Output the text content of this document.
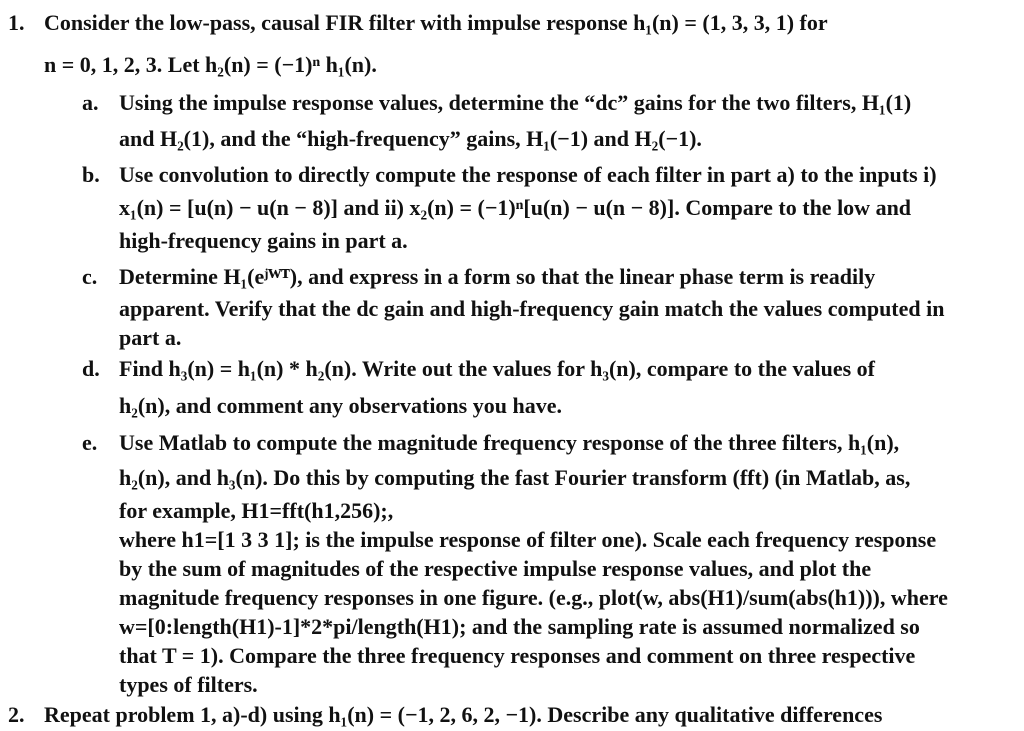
1. Consider the low-pass, causal FIR filter with impulse response h₁(n) = (1, 3, 3, 1) for
n = 0, 1, 2, 3. Let h₂(n) = (−1)ⁿ h₁(n).
a. Using the impulse response values, determine the “dc” gains for the two filters, H₁(1)
and H₂(1), and the “high-frequency” gains, H₁(−1) and H₂(−1).
b. Use convolution to directly compute the response of each filter in part a) to the inputs i)
x₁(n) = [u(n) − u(n − 8)] and ii) x₂(n) = (−1)ⁿ[u(n) − u(n − 8)]. Compare to the low and
high-frequency gains in part a.
c. Determine H₁(eʲᵂᵀ), and express in a form so that the linear phase term is readily
apparent. Verify that the dc gain and high-frequency gain match the values computed in
part a.
d. Find h₃(n) = h₁(n) * h₂(n). Write out the values for h₃(n), compare to the values of
h₂(n), and comment any observations you have.
e. Use Matlab to compute the magnitude frequency response of the three filters, h₁(n),
h₂(n), and h₃(n). Do this by computing the fast Fourier transform (fft) (in Matlab, as,
for example, H1=fft(h1,256);,
where h1=[1 3 3 1]; is the impulse response of filter one). Scale each frequency response
by the sum of magnitudes of the respective impulse response values, and plot the
magnitude frequency responses in one figure. (e.g., plot(w, abs(H1)/sum(abs(h1))), where
w=[0:length(H1)-1]*2*pi/length(H1); and the sampling rate is assumed normalized so
that T = 1). Compare the three frequency responses and comment on three respective
types of filters.
2. Repeat problem 1, a)-d) using h₁(n) = (−1, 2, 6, 2, −1). Describe any qualitative differences
